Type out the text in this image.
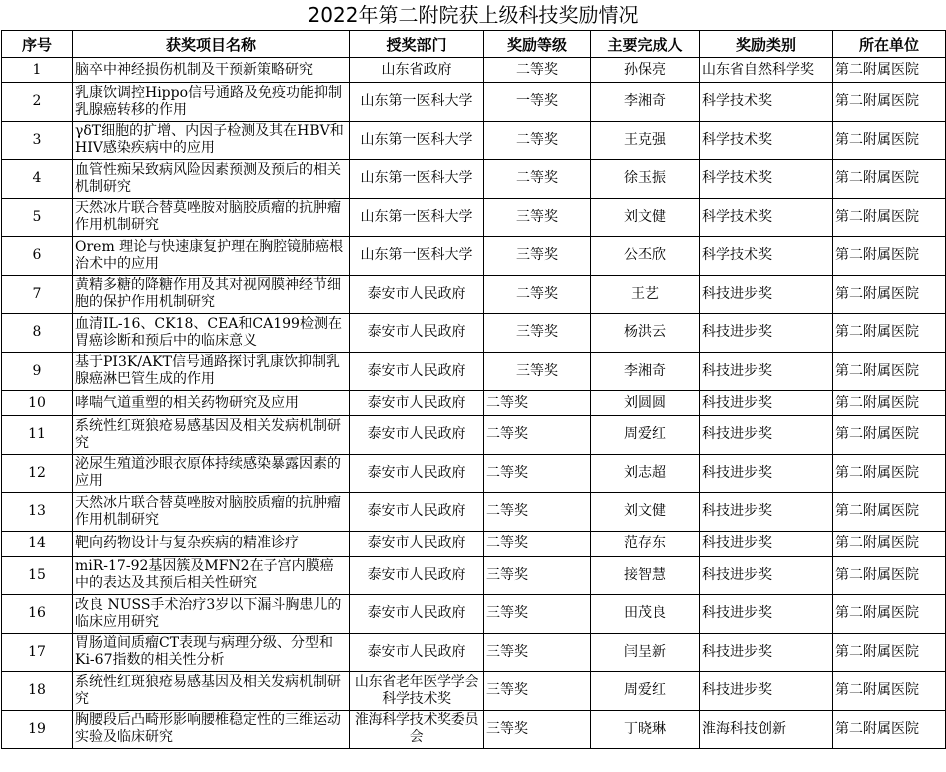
2022年第二附院获上级科技奖励情况
序号	获奖项目名称	授奖部门	奖励等级	主要完成人	奖励类别	所在单位
1	脑卒中神经损伤机制及干预新策略研究	山东省政府	二等奖	孙保亮	山东省自然科学奖	第二附属医院
2	乳康饮调控Hippo信号通路及免疫功能抑制乳腺癌转移的作用	山东第一医科大学	一等奖	李湘奇	科学技术奖	第二附属医院
3	γδT细胞的扩增、内因子检测及其在HBV和 HIV感染疾病中的应用	山东第一医科大学	二等奖	王克强	科学技术奖	第二附属医院
4	血管性痴呆致病风险因素预测及预后的相关机制研究	山东第一医科大学	二等奖	徐玉振	科学技术奖	第二附属医院
5	天然冰片联合替莫唑胺对脑胶质瘤的抗肿瘤作用机制研究	山东第一医科大学	三等奖	刘文健	科学技术奖	第二附属医院
6	Orem 理论与快速康复护理在胸腔镜肺癌根治术中的应用	山东第一医科大学	三等奖	公丕欣	科学技术奖	第二附属医院
7	黄精多糖的降糖作用及其对视网膜神经节细胞的保护作用机制研究	泰安市人民政府	二等奖	王艺	科技进步奖	第二附属医院
8	血清IL-16、CK18、CEA和CA199检测在胃癌诊断和预后中的临床意义	泰安市人民政府	三等奖	杨洪云	科技进步奖	第二附属医院
9	基于PI3K/AKT信号通路探讨乳康饮抑制乳腺癌淋巴管生成的作用	泰安市人民政府	三等奖	李湘奇	科技进步奖	第二附属医院
10	哮喘气道重塑的相关药物研究及应用	泰安市人民政府	二等奖	刘圆圆	科技进步奖	第二附属医院
11	系统性红斑狼疮易感基因及相关发病机制研究	泰安市人民政府	二等奖	周爱红	科技进步奖	第二附属医院
12	泌尿生殖道沙眼衣原体持续感染暴露因素的应用	泰安市人民政府	二等奖	刘志超	科技进步奖	第二附属医院
13	天然冰片联合替莫唑胺对脑胶质瘤的抗肿瘤作用机制研究	泰安市人民政府	二等奖	刘文健	科技进步奖	第二附属医院
14	靶向药物设计与复杂疾病的精准诊疗	泰安市人民政府	二等奖	范存东	科技进步奖	第二附属医院
15	miR-17-92基因簇及MFN2在子宫内膜癌中的表达及其预后相关性研究	泰安市人民政府	三等奖	接智慧	科技进步奖	第二附属医院
16	改良 NUSS手术治疗3岁以下漏斗胸患儿的临床应用研究	泰安市人民政府	三等奖	田茂良	科技进步奖	第二附属医院
17	胃肠道间质瘤CT表现与病理分级、分型和Ki-67指数的相关性分析	泰安市人民政府	三等奖	闫呈新	科技进步奖	第二附属医院
18	系统性红斑狼疮易感基因及相关发病机制研究	山东省老年医学学会科学技术奖	三等奖	周爱红	科技进步奖	第二附属医院
19	胸腰段后凸畸形影响腰椎稳定性的三维运动实验及临床研究	淮海科学技术奖委员会	三等奖	丁晓琳	淮海科技创新	第二附属医院
